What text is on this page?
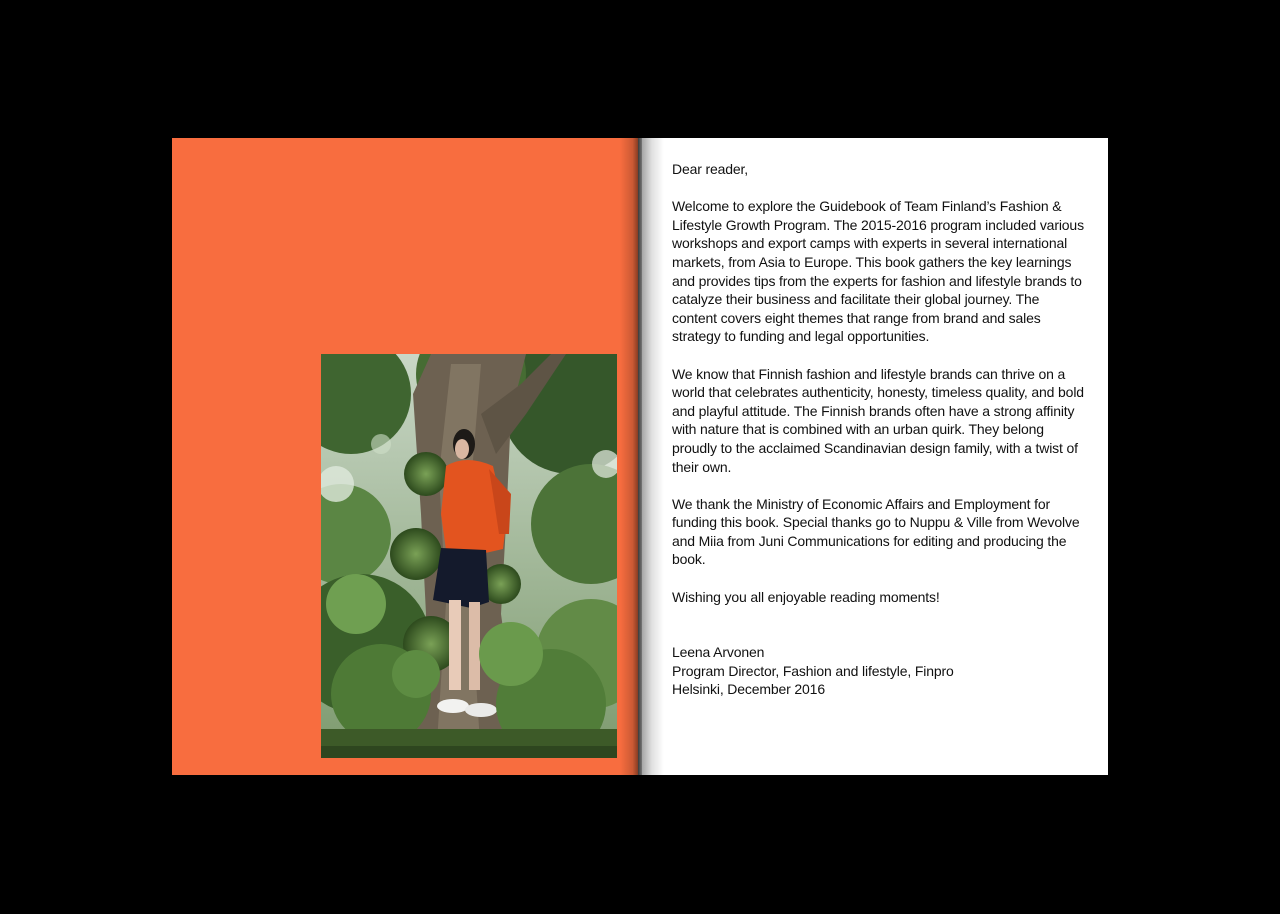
Dear reader,

Welcome to explore the Guidebook of Team Finland’s Fashion & Lifestyle Growth Program. The 2015-2016 program included various workshops and export camps with experts in several international markets, from Asia to Europe. This book gathers the key learnings and provides tips from the experts for fashion and lifestyle brands to catalyze their business and facilitate their global journey. The content covers eight themes that range from brand and sales strategy to funding and legal opportunities.

We know that Finnish fashion and lifestyle brands can thrive on a world that celebrates authenticity, honesty, timeless quality, and bold and playful attitude. The Finnish brands often have a strong affinity with nature that is combined with an urban quirk. They belong proudly to the acclaimed Scandinavian design family, with a twist of their own.

We thank the Ministry of Economic Affairs and Employment for funding this book. Special thanks go to Nuppu & Ville from Wevolve and Miia from Juni Communications for editing and producing the book.

Wishing you all enjoyable reading moments!

Leena Arvonen
Program Director, Fashion and lifestyle, Finpro
Helsinki, December 2016
